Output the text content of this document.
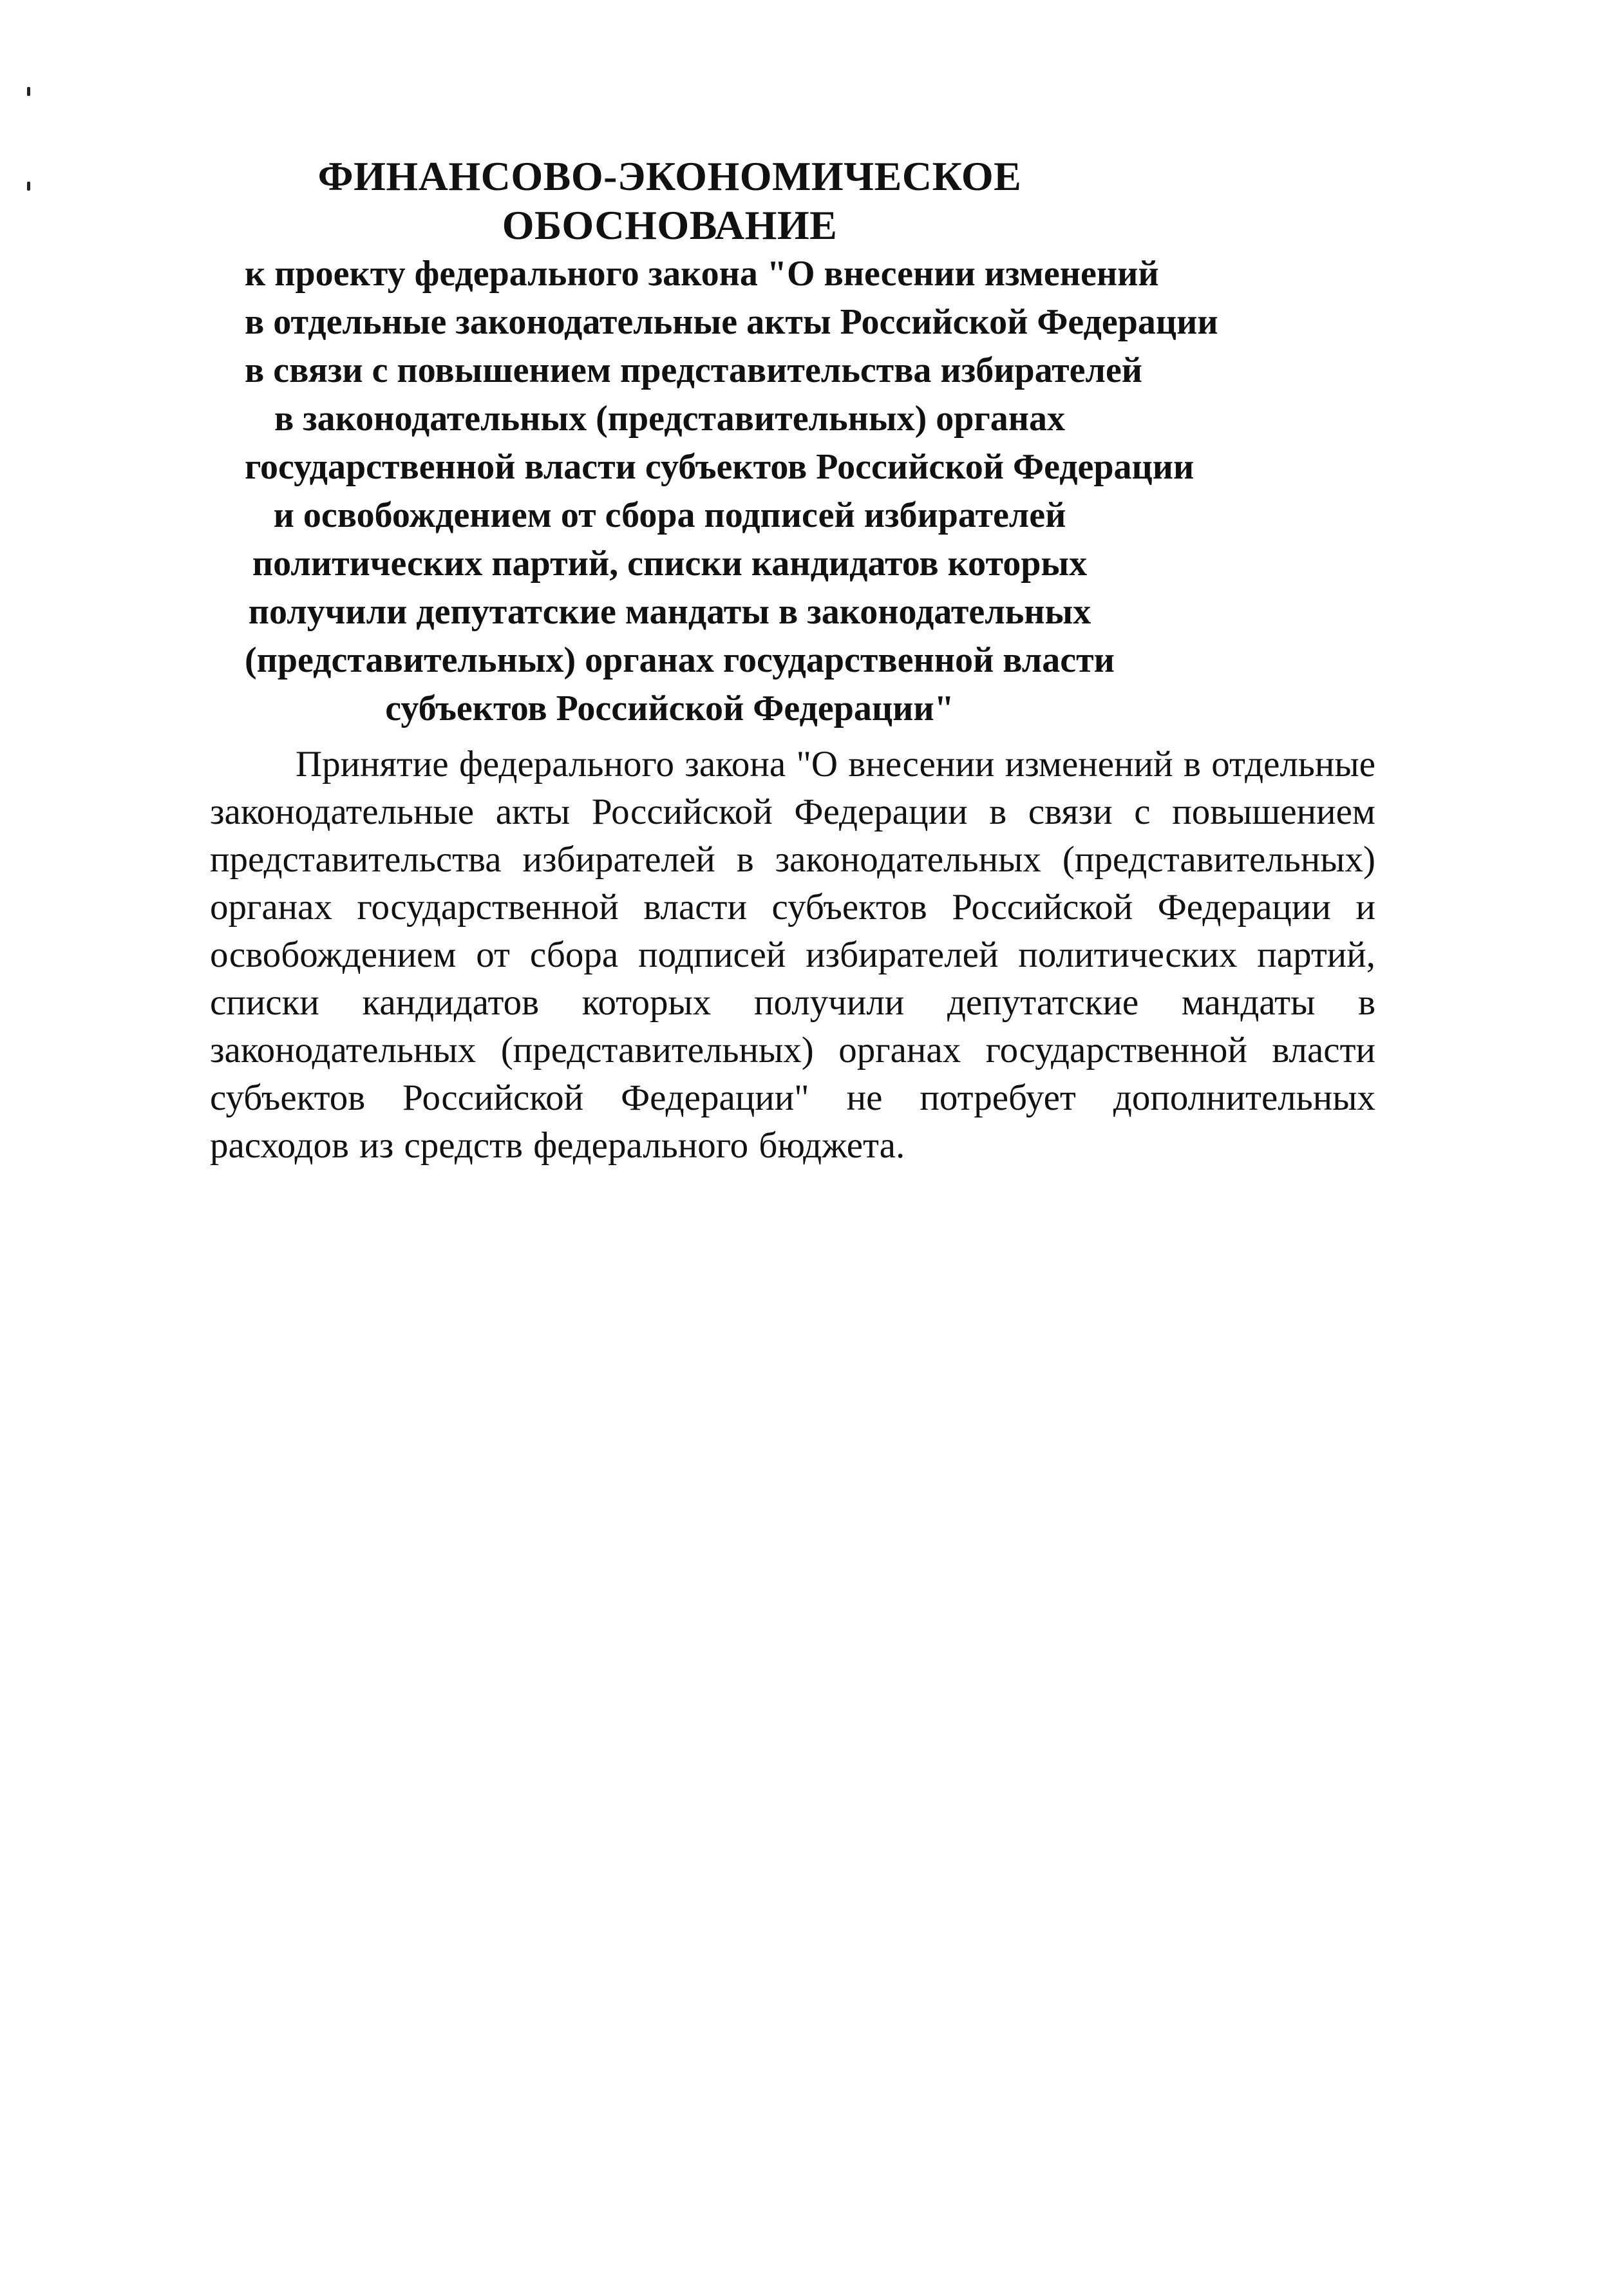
ФИНАНСОВО-ЭКОНОМИЧЕСКОЕ ОБОСНОВАНИЕ

к проекту федерального закона "О внесении изменений

в отдельные законодательные акты Российской Федерации

в связи с повышением представительства избирателей

в законодательных (представительных) органах

государственной власти субъектов Российской Федерации

и освобождением от сбора подписей избирателей

политических партий, списки кандидатов которых

получили депутатские мандаты в законодательных

(представительных) органах государственной власти

субъектов Российской Федерации"

Принятие федерального закона "О внесении изменений в отдельные законодательные акты Российской Федерации в связи с повышением представительства избирателей в законодательных (представительных) органах государственной власти субъектов Российской Федерации и освобождением от сбора подписей избирателей политических партий, списки кандидатов которых получили депутатские мандаты в законодательных (представительных) органах государственной власти субъектов Российской Федерации" не потребует дополнительных расходов из средств федерального бюджета.
